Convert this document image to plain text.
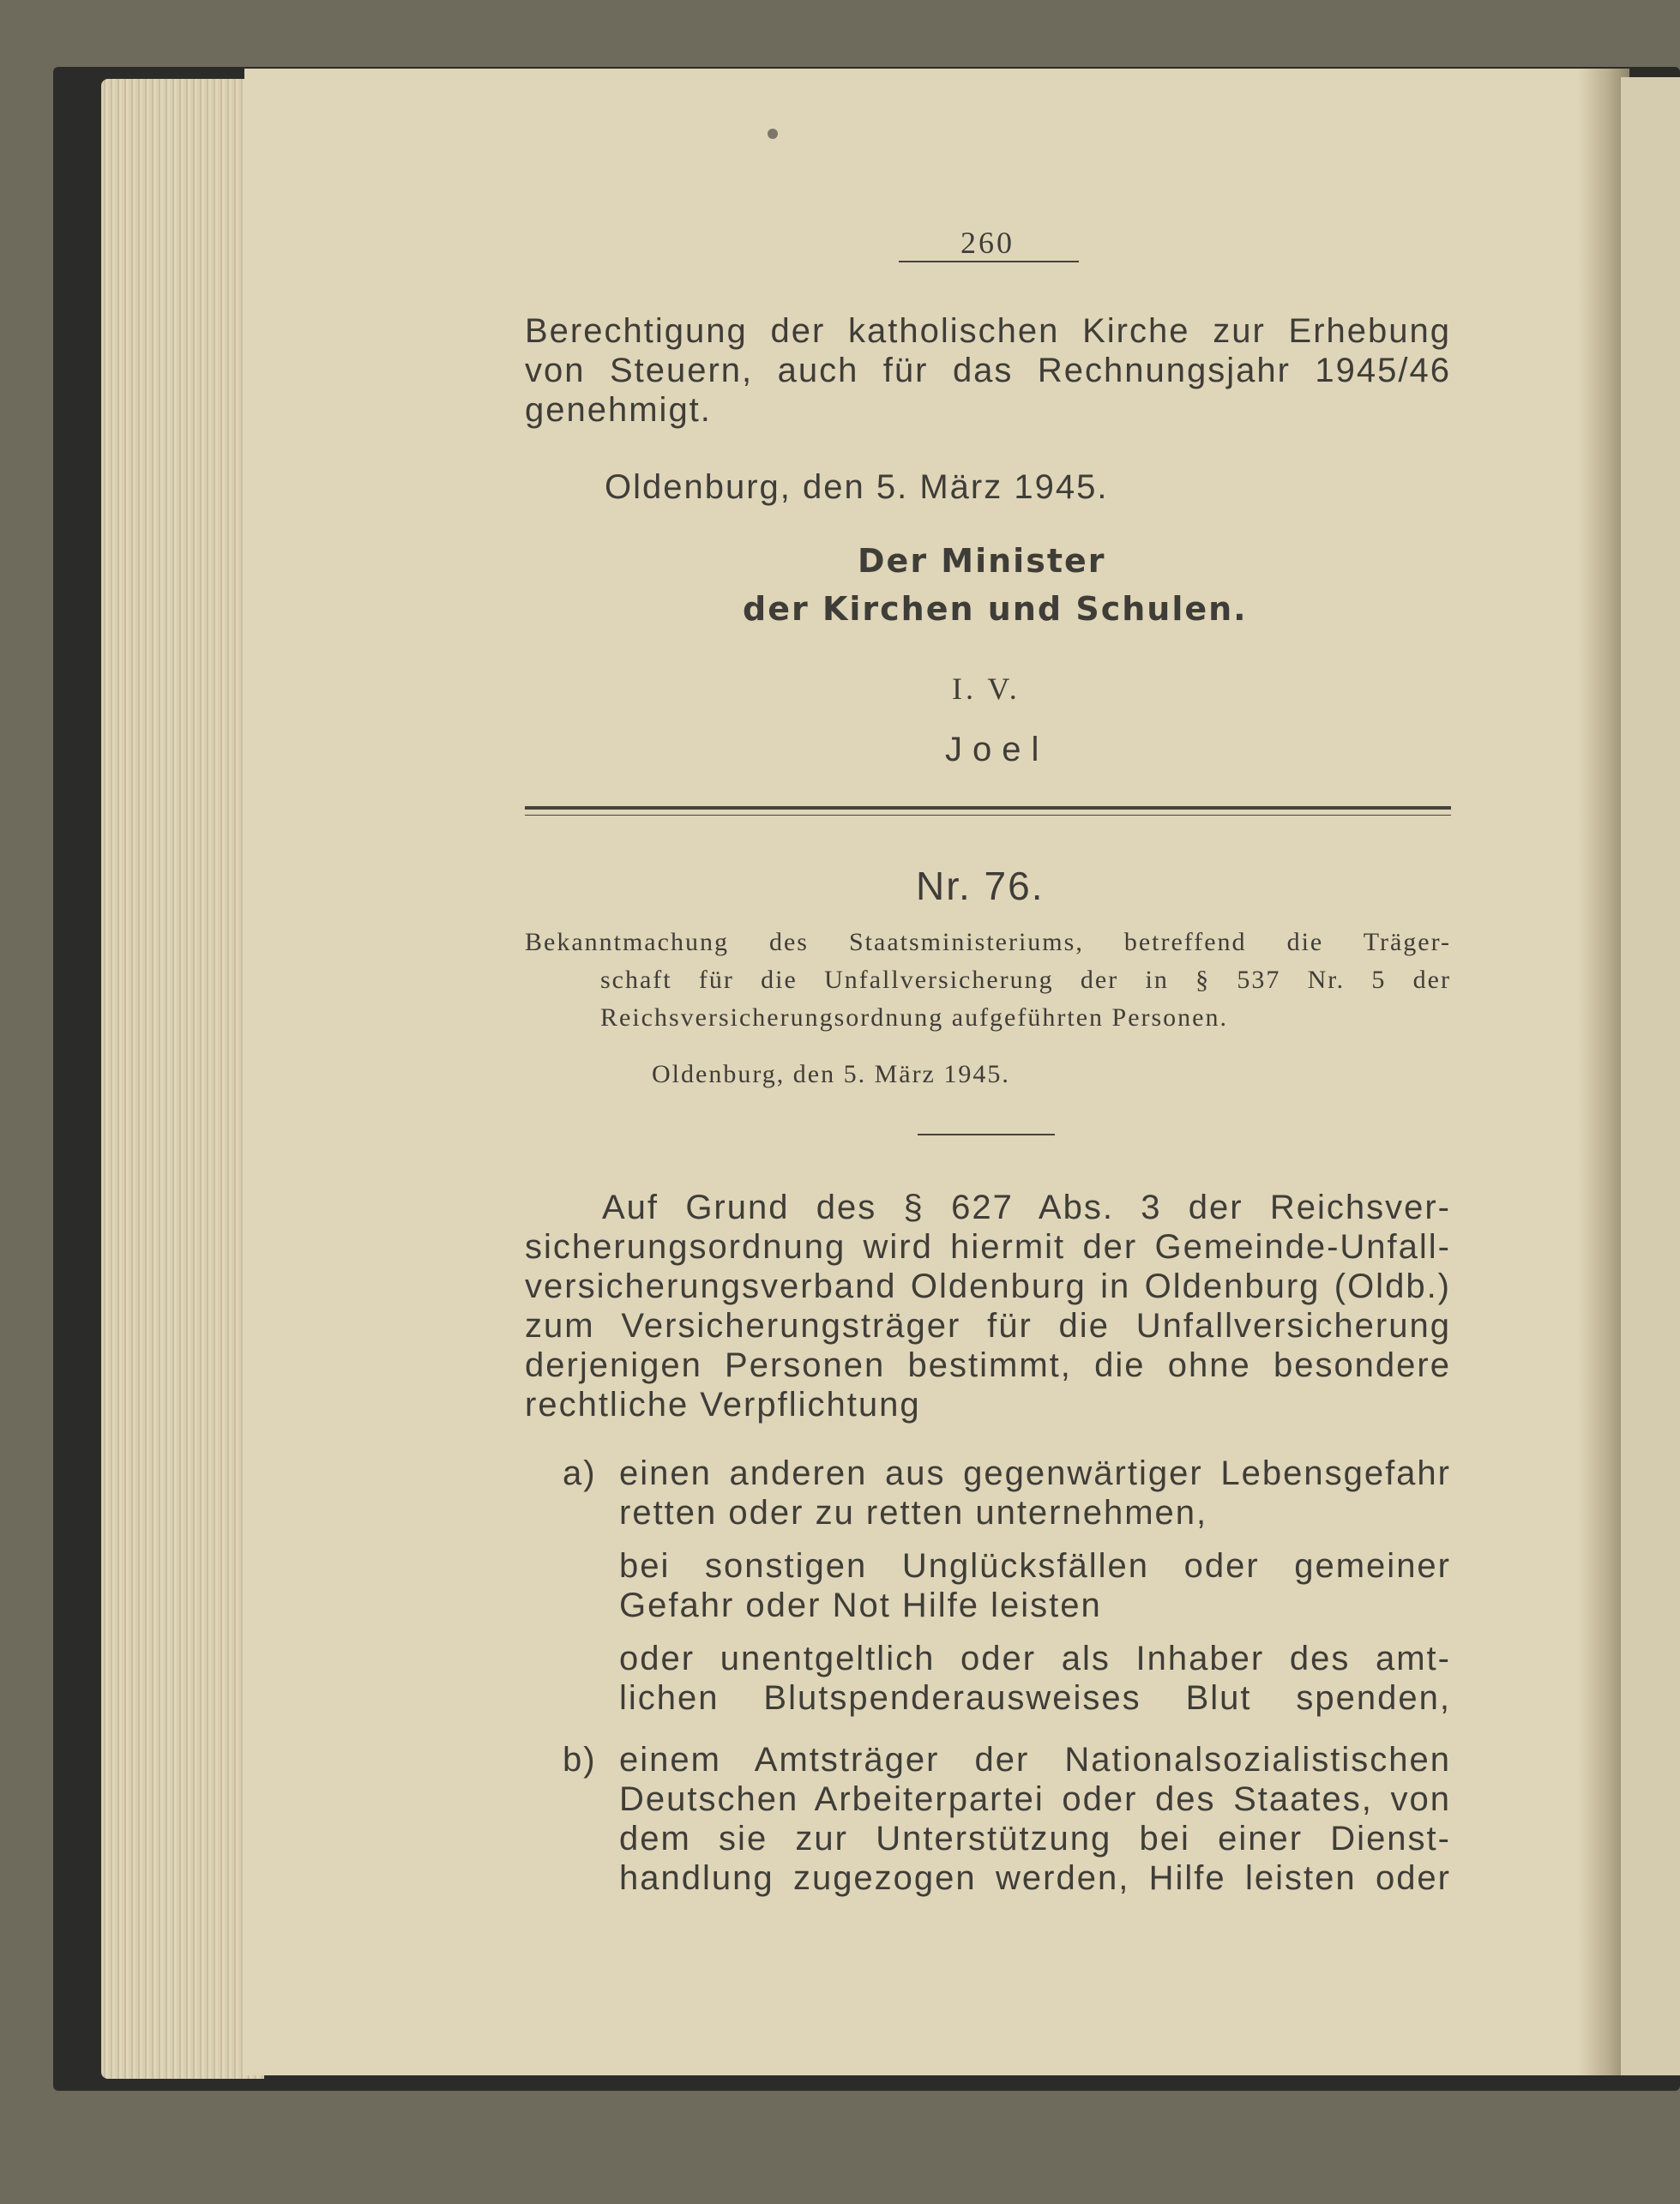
260
Berechtigung der katholischen Kirche zur Erhebung
von Steuern, auch für das Rechnungsjahr 1945/46
genehmigt.
Oldenburg, den 5. März 1945.
Der Minister
der Kirchen und Schulen.
I. V.
Joel
Nr. 76.
Bekanntmachung des Staatsministeriums, betreffend die Träger-
schaft für die Unfallversicherung der in § 537 Nr. 5 der
Reichsversicherungsordnung aufgeführten Personen.
Oldenburg, den 5. März 1945.
Auf Grund des § 627 Abs. 3 der Reichsver-
sicherungsordnung wird hiermit der Gemeinde-Unfall-
versicherungsverband Oldenburg in Oldenburg (Oldb.)
zum Versicherungsträger für die Unfallversicherung
derjenigen Personen bestimmt, die ohne besondere
rechtliche Verpflichtung
a) einen anderen aus gegenwärtiger Lebensgefahr
retten oder zu retten unternehmen,
bei sonstigen Unglücksfällen oder gemeiner
Gefahr oder Not Hilfe leisten
oder unentgeltlich oder als Inhaber des amt-
lichen Blutspenderausweises Blut spenden,
b) einem Amtsträger der Nationalsozialistischen
Deutschen Arbeiterpartei oder des Staates, von
dem sie zur Unterstützung bei einer Dienst-
handlung zugezogen werden, Hilfe leisten oder
